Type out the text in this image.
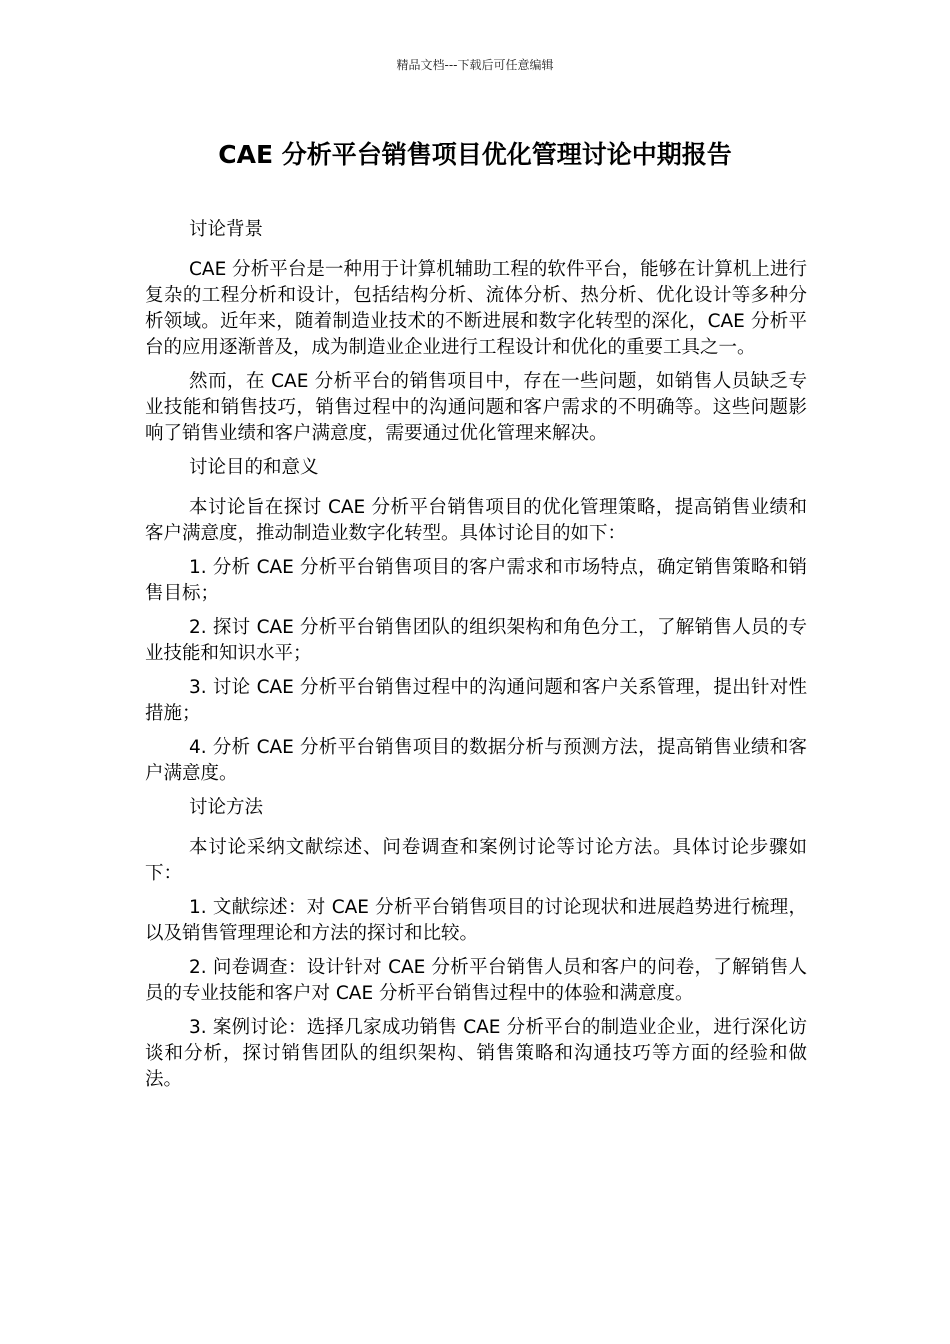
精品文档---下载后可任意编辑
CAE 分析平台销售项目优化管理讨论中期报告

讨论背景

CAE 分析平台是一种用于计算机辅助工程的软件平台，能够在计算机上进行复杂的工程分析和设计，包括结构分析、流体分析、热分析、优化设计等多种分析领域。近年来，随着制造业技术的不断进展和数字化转型的深化，CAE 分析平台的应用逐渐普及，成为制造业企业进行工程设计和优化的重要工具之一。

然而，在 CAE 分析平台的销售项目中，存在一些问题，如销售人员缺乏专业技能和销售技巧，销售过程中的沟通问题和客户需求的不明确等。这些问题影响了销售业绩和客户满意度，需要通过优化管理来解决。

讨论目的和意义

本讨论旨在探讨 CAE 分析平台销售项目的优化管理策略，提高销售业绩和客户满意度，推动制造业数字化转型。具体讨论目的如下：

1. 分析 CAE 分析平台销售项目的客户需求和市场特点，确定销售策略和销售目标；

2. 探讨 CAE 分析平台销售团队的组织架构和角色分工，了解销售人员的专业技能和知识水平；

3. 讨论 CAE 分析平台销售过程中的沟通问题和客户关系管理，提出针对性措施；

4. 分析 CAE 分析平台销售项目的数据分析与预测方法，提高销售业绩和客户满意度。

讨论方法

本讨论采纳文献综述、问卷调查和案例讨论等讨论方法。具体讨论步骤如下：

1. 文献综述：对 CAE 分析平台销售项目的讨论现状和进展趋势进行梳理，以及销售管理理论和方法的探讨和比较。

2. 问卷调查：设计针对 CAE 分析平台销售人员和客户的问卷，了解销售人员的专业技能和客户对 CAE 分析平台销售过程中的体验和满意度。

3. 案例讨论：选择几家成功销售 CAE 分析平台的制造业企业，进行深化访谈和分析，探讨销售团队的组织架构、销售策略和沟通技巧等方面的经验和做法。
